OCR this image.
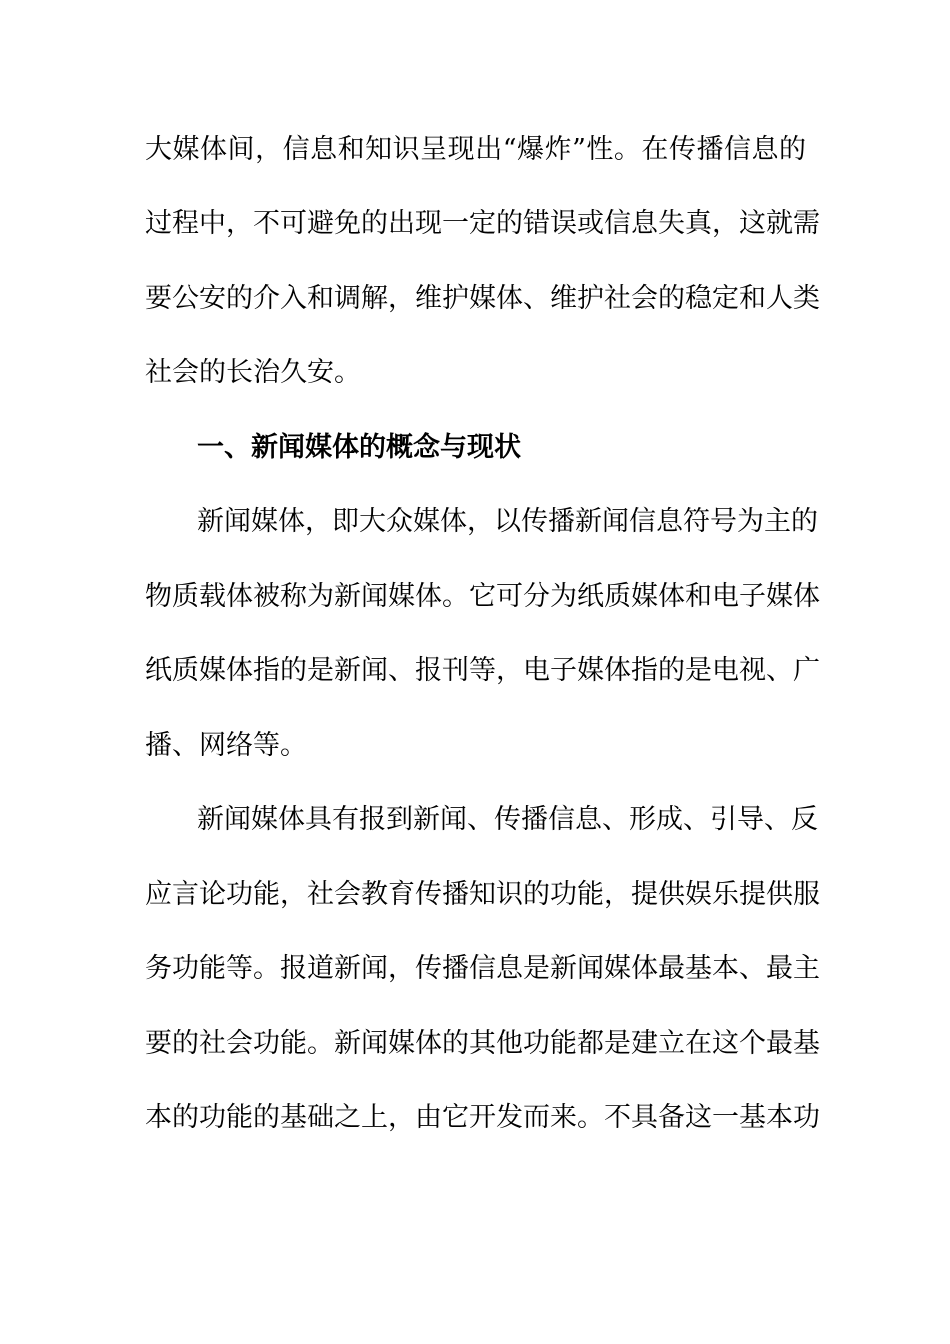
大媒体间，信息和知识呈现出“爆炸”性。在传播信息的
过程中，不可避免的出现一定的错误或信息失真，这就需
要公安的介入和调解，维护媒体、维护社会的稳定和人类
社会的长治久安。
一、新闻媒体的概念与现状
新闻媒体，即大众媒体，以传播新闻信息符号为主的
物质载体被称为新闻媒体。它可分为纸质媒体和电子媒体
纸质媒体指的是新闻、报刊等，电子媒体指的是电视、广
播、网络等。
新闻媒体具有报到新闻、传播信息、形成、引导、反
应言论功能，社会教育传播知识的功能，提供娱乐提供服
务功能等。报道新闻，传播信息是新闻媒体最基本、最主
要的社会功能。新闻媒体的其他功能都是建立在这个最基
本的功能的基础之上，由它开发而来。不具备这一基本功
